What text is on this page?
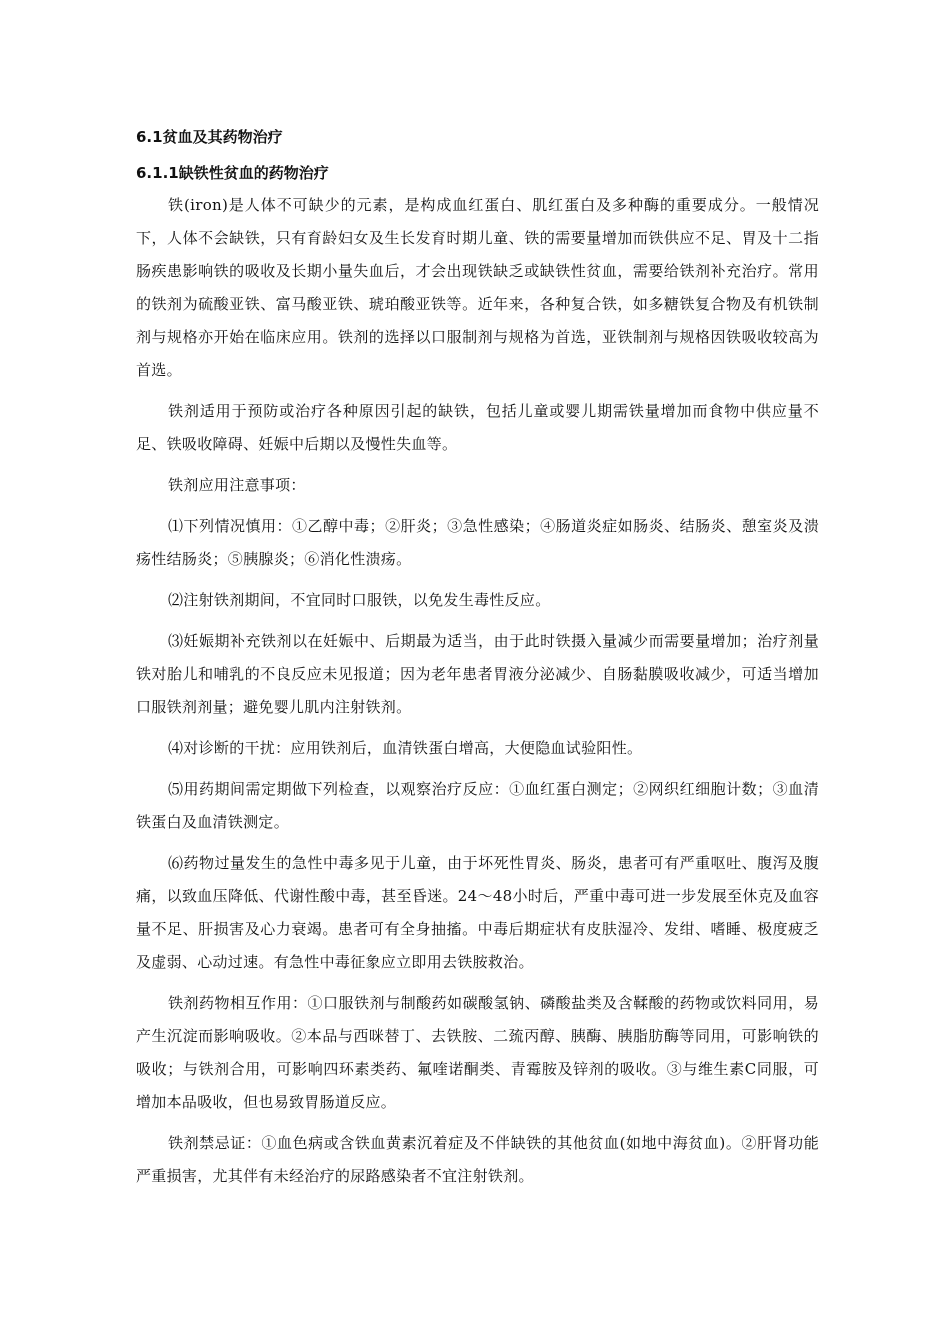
6.1贫血及其药物治疗
6.1.1缺铁性贫血的药物治疗

铁(iron)是人体不可缺少的元素，是构成血红蛋白、肌红蛋白及多种酶的重要成分。一般情况下，人体不会缺铁，只有育龄妇女及生长发育时期儿童、铁的需要量增加而铁供应不足、胃及十二指肠疾患影响铁的吸收及长期小量失血后，才会出现铁缺乏或缺铁性贫血，需要给铁剂补充治疗。常用的铁剂为硫酸亚铁、富马酸亚铁、琥珀酸亚铁等。近年来，各种复合铁，如多糖铁复合物及有机铁制剂与规格亦开始在临床应用。铁剂的选择以口服制剂与规格为首选，亚铁制剂与规格因铁吸收较高为首选。

铁剂适用于预防或治疗各种原因引起的缺铁，包括儿童或婴儿期需铁量增加而食物中供应量不足、铁吸收障碍、妊娠中后期以及慢性失血等。

铁剂应用注意事项：

⑴下列情况慎用：①乙醇中毒；②肝炎；③急性感染；④肠道炎症如肠炎、结肠炎、憩室炎及溃疡性结肠炎；⑤胰腺炎；⑥消化性溃疡。

⑵注射铁剂期间，不宜同时口服铁，以免发生毒性反应。

⑶妊娠期补充铁剂以在妊娠中、后期最为适当，由于此时铁摄入量减少而需要量增加；治疗剂量铁对胎儿和哺乳的不良反应未见报道；因为老年患者胃液分泌减少、自肠黏膜吸收减少，可适当增加口服铁剂剂量；避免婴儿肌内注射铁剂。

⑷对诊断的干扰：应用铁剂后，血清铁蛋白增高，大便隐血试验阳性。

⑸用药期间需定期做下列检查，以观察治疗反应：①血红蛋白测定；②网织红细胞计数；③血清铁蛋白及血清铁测定。

⑹药物过量发生的急性中毒多见于儿童，由于坏死性胃炎、肠炎，患者可有严重呕吐、腹泻及腹痛，以致血压降低、代谢性酸中毒，甚至昏迷。24～48小时后，严重中毒可进一步发展至休克及血容量不足、肝损害及心力衰竭。患者可有全身抽搐。中毒后期症状有皮肤湿冷、发绀、嗜睡、极度疲乏及虚弱、心动过速。有急性中毒征象应立即用去铁胺救治。

铁剂药物相互作用：①口服铁剂与制酸药如碳酸氢钠、磷酸盐类及含鞣酸的药物或饮料同用，易产生沉淀而影响吸收。②本品与西咪替丁、去铁胺、二巯丙醇、胰酶、胰脂肪酶等同用，可影响铁的吸收；与铁剂合用，可影响四环素类药、氟喹诺酮类、青霉胺及锌剂的吸收。③与维生素C同服，可增加本品吸收，但也易致胃肠道反应。

铁剂禁忌证：①血色病或含铁血黄素沉着症及不伴缺铁的其他贫血(如地中海贫血)。②肝肾功能严重损害，尤其伴有未经治疗的尿路感染者不宜注射铁剂。
